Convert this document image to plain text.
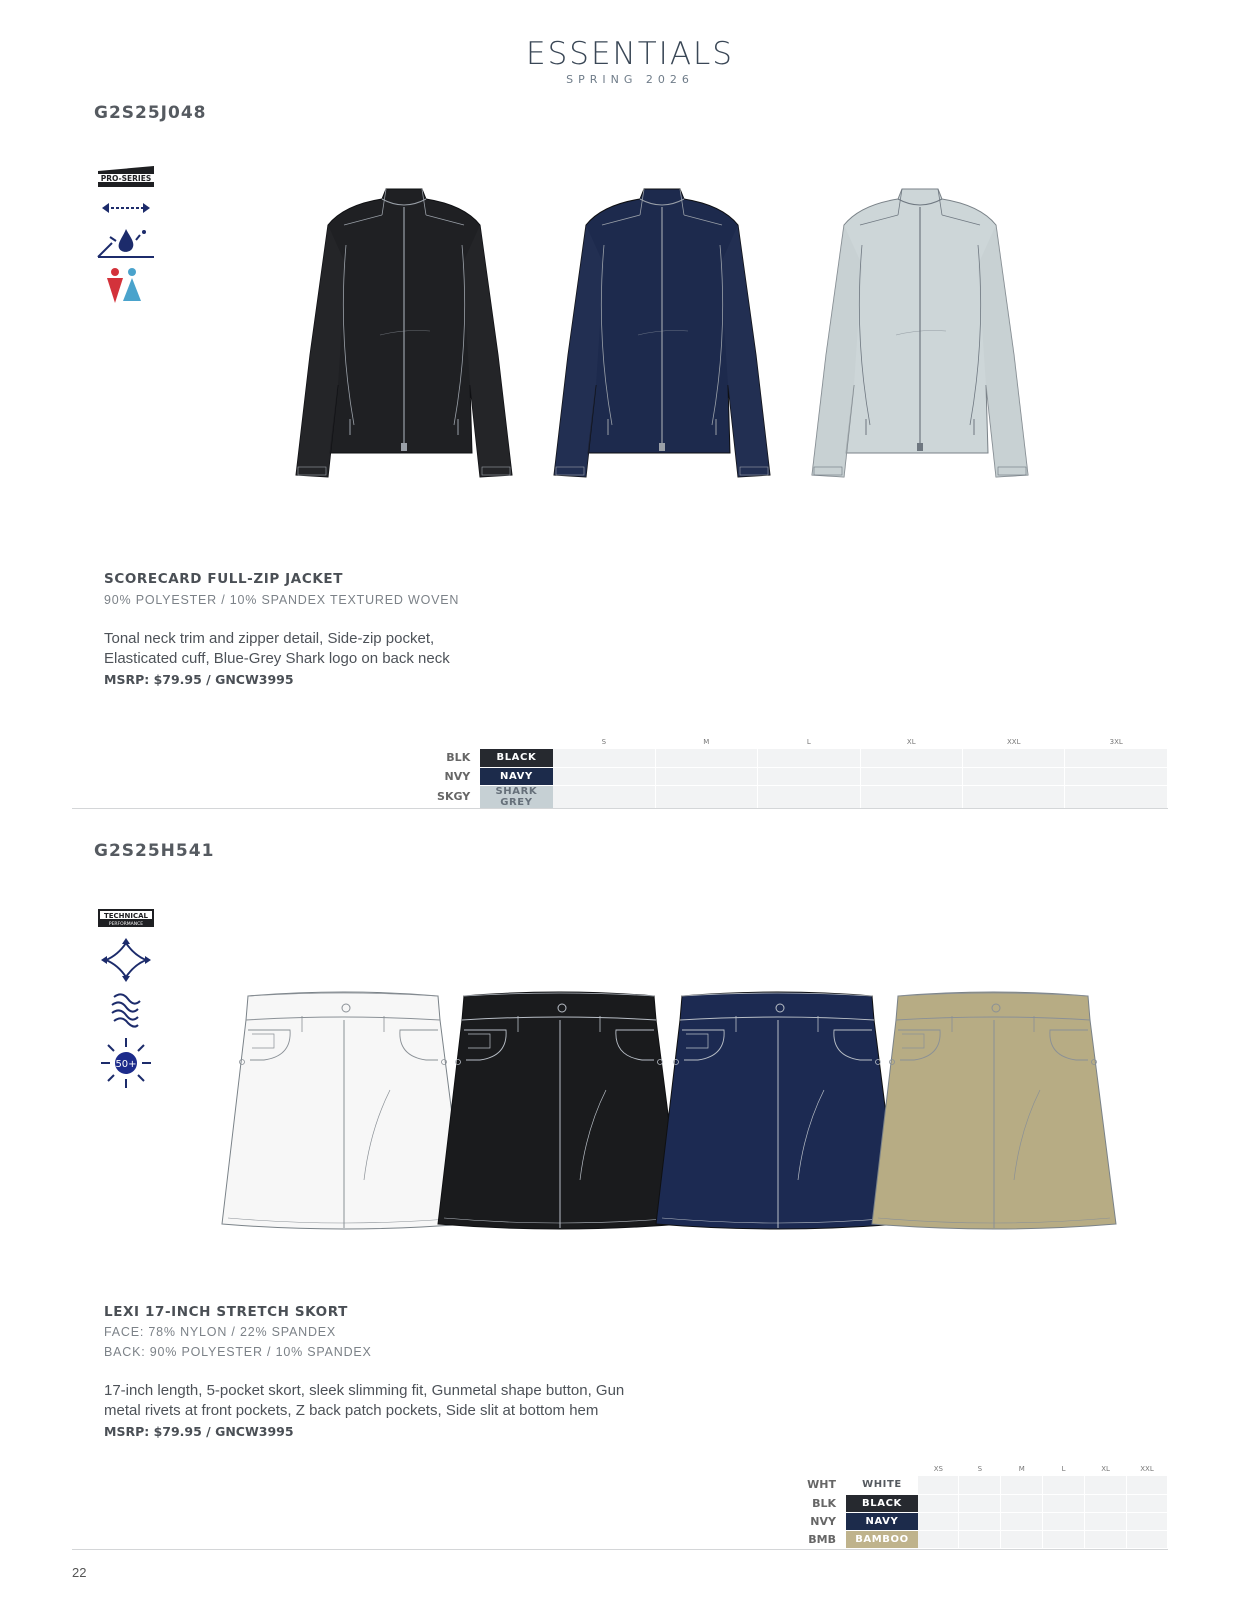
ESSENTIALS
SPRING 2026
G2S25J048
PRO-SERIES
SCORECARD FULL-ZIP JACKET
90% POLYESTER / 10% SPANDEX TEXTURED WOVEN
Tonal neck trim and zipper detail, Side-zip pocket,
Elasticated cuff, Blue-Grey Shark logo on back neck
MSRP: $79.95 / GNCW3995
		S	M	L	XL	XXL	3XL
BLK	BLACK						
NVY	NAVY						
SKGY	SHARK GREY						
G2S25H541
TECHNICAL
PERFORMANCE
50+
LEXI 17-INCH STRETCH SKORT
FACE: 78% NYLON / 22% SPANDEX
BACK: 90% POLYESTER / 10% SPANDEX
17-inch length, 5-pocket skort, sleek slimming fit, Gunmetal shape button, Gun
metal rivets at front pockets, Z back patch pockets, Side slit at bottom hem
MSRP: $79.95 / GNCW3995
		XS	S	M	L	XL	XXL
WHT	WHITE						
BLK	BLACK						
NVY	NAVY						
BMB	BAMBOO						
22
